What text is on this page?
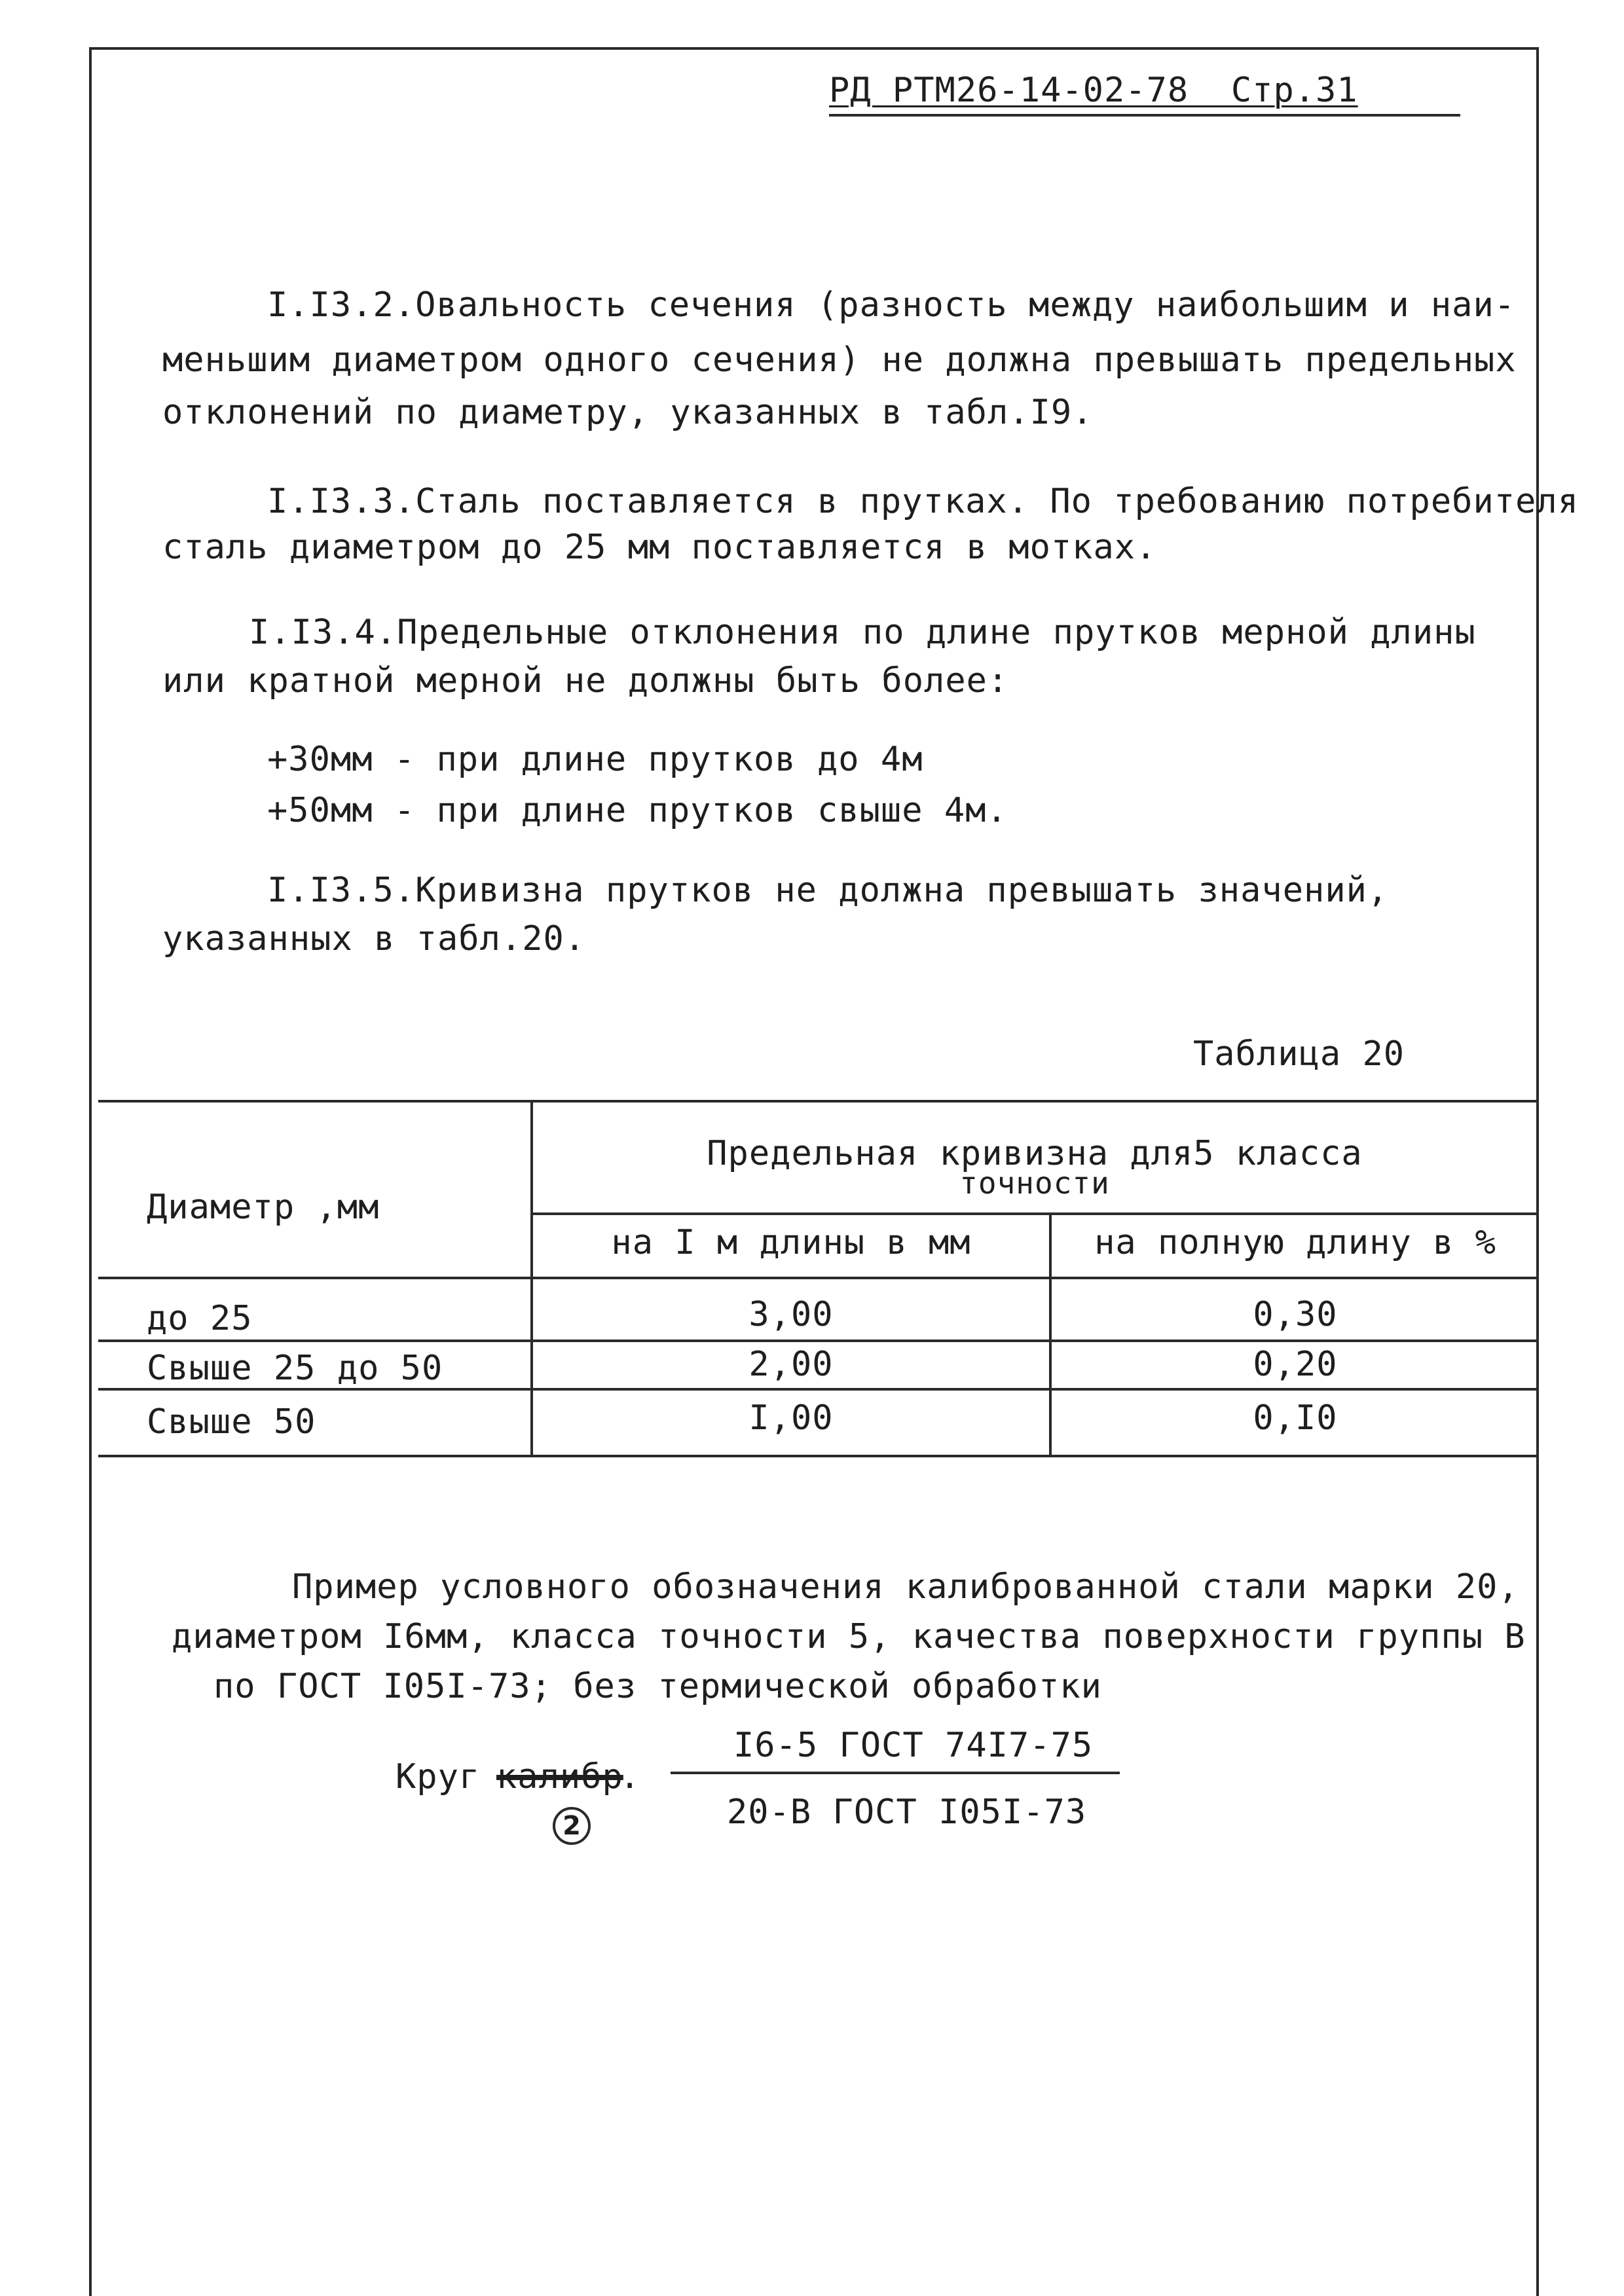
РД РТМ26-14-02-78  Стр.31
I.I3.2.Овальность сечения (разность между наибольшим и наи-
меньшим диаметром одного сечения) не должна превышать предельных
отклонений по диаметру, указанных в табл.I9.
I.I3.3.Сталь поставляется в прутках. По требованию потребителя
сталь диаметром до 25 мм поставляется в мотках.
I.I3.4.Предельные отклонения по длине прутков мерной длины
или кратной мерной не должны быть более:
+30мм - при длине прутков до 4м
+50мм - при длине прутков свыше 4м.
I.I3.5.Кривизна прутков не должна превышать значений,
указанных в табл.20.
Таблица 20
Диаметр ,мм
Предельная кривизна для5 класса
точности
на I м длины в мм	на полную длину в %
до 25	3,00	0,30
Свыше 25 до 50	2,00	0,20
Свыше 50	I,00	0,I0
Пример условного обозначения калиброванной стали марки 20,
диаметром I6мм, класса точности 5, качества поверхности группы В
по ГОСТ I05I-73; без термической обработки
Круг калибр
.
I6-5 ГОСТ 74I7-75
20-В ГОСТ I05I-73
2
